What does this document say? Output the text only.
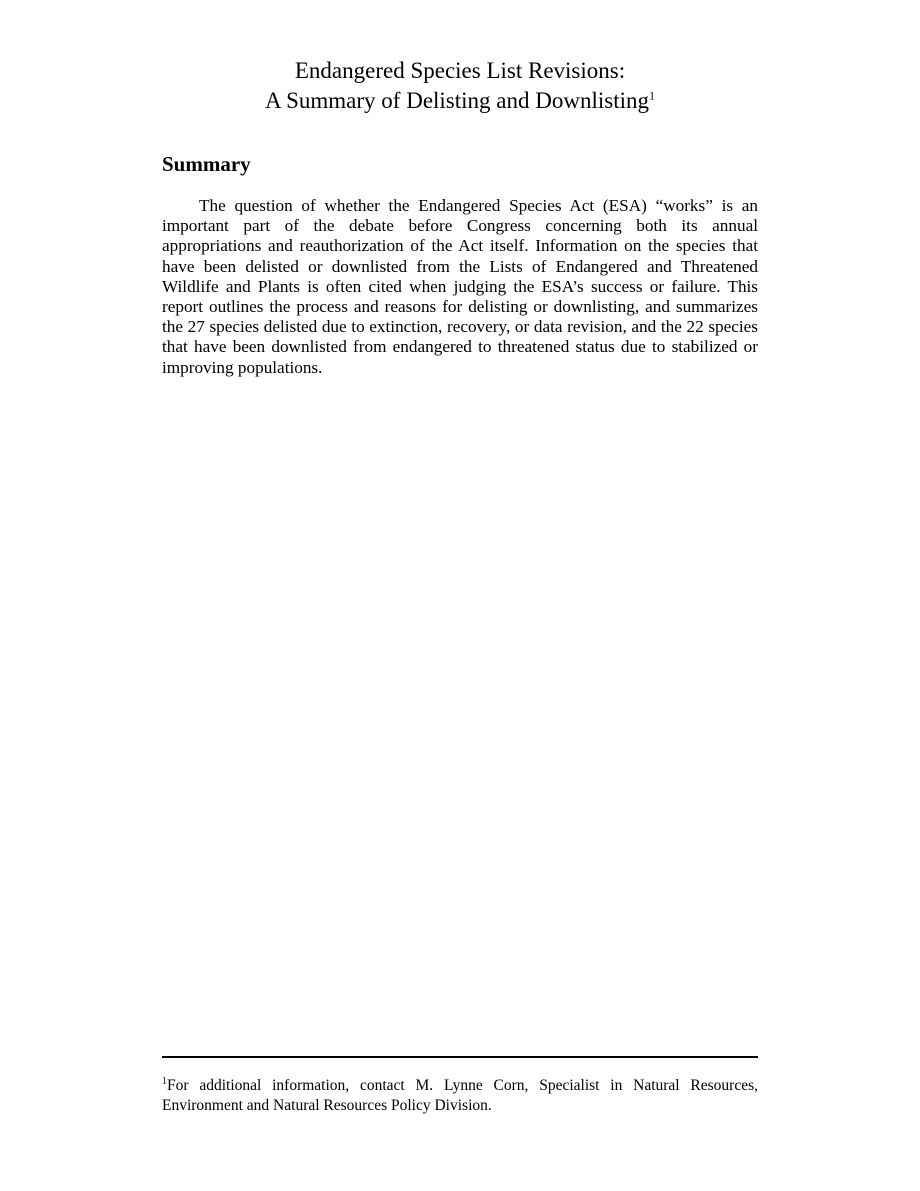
Endangered Species List Revisions:
A Summary of Delisting and Downlisting$^1$
Summary

The question of whether the Endangered Species Act (ESA) “works” is an important part of the debate before Congress concerning both its annual appropriations and reauthorization of the Act itself. Information on the species that have been delisted or downlisted from the Lists of Endangered and Threatened Wildlife and Plants is often cited when judging the ESA’s success or failure. This report outlines the process and reasons for delisting or downlisting, and summarizes the 27 species delisted due to extinction, recovery, or data revision, and the 22 species that have been downlisted from endangered to threatened status due to stabilized or improving populations.

$^1$For additional information, contact M. Lynne Corn, Specialist in Natural Resources, Environment and Natural Resources Policy Division.
